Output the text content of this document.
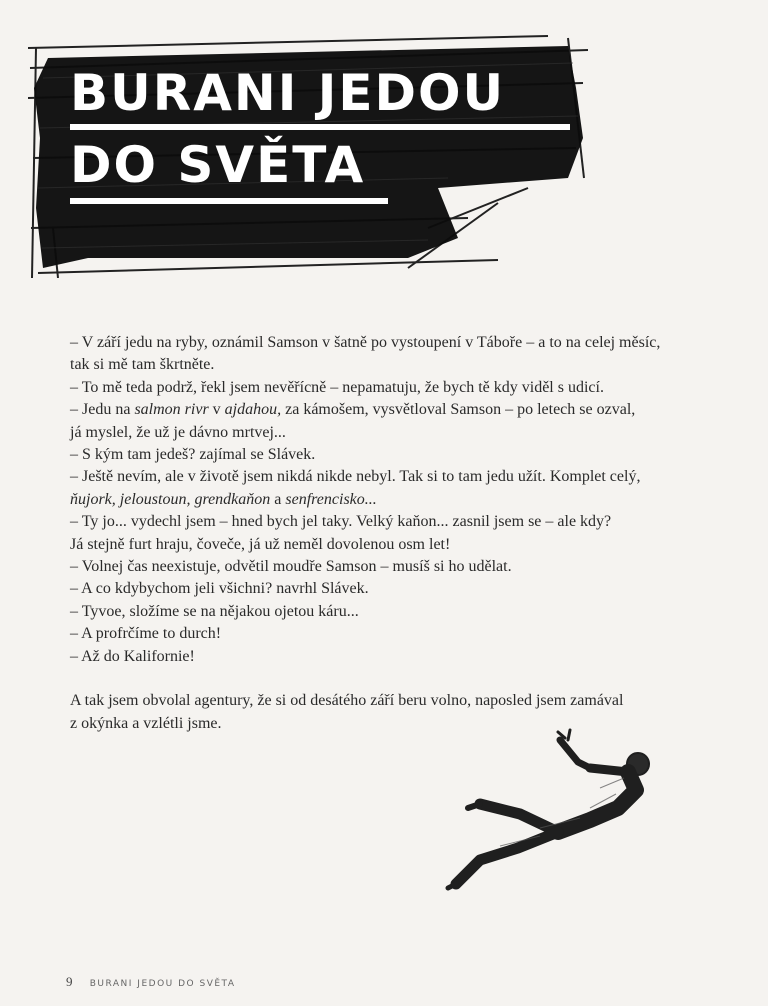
BURANI JEDOU
DO SVĚTA

– V září jedu na ryby, oznámil Samson v šatně po vystoupení v Táboře – a to na celej měsíc,

tak si mě tam škrtněte.

– To mě teda podrž, řekl jsem nevěřícně – nepamatuju, že bych tě kdy viděl s udicí.

– Jedu na salmon rivr v ajdahou, za kámošem, vysvětloval Samson – po letech se ozval,

já myslel, že už je dávno mrtvej...

– S kým tam jedeš? zajímal se Slávek.

– Ještě nevím, ale v životě jsem nikdá nikde nebyl. Tak si to tam jedu užít. Komplet celý,

ňujork, jeloustoun, grendkaňon a senfrencisko...

– Ty jo... vydechl jsem – hned bych jel taky. Velký kaňon... zasnil jsem se – ale kdy?

Já stejně furt hraju, čoveče, já už neměl dovolenou osm let!

– Volnej čas neexistuje, odvětil moudře Samson – musíš si ho udělat.

– A co kdybychom jeli všichni? navrhl Slávek.

– Tyvoe, složíme se na nějakou ojetou káru...

– A profrčíme to durch!

– Až do Kalifornie!

A tak jsem obvolal agentury, že si od desátého září beru volno, naposled jsem zamával

z okýnka a vzlétli jsme.

9 BURANI JEDOU DO SVĚTA
